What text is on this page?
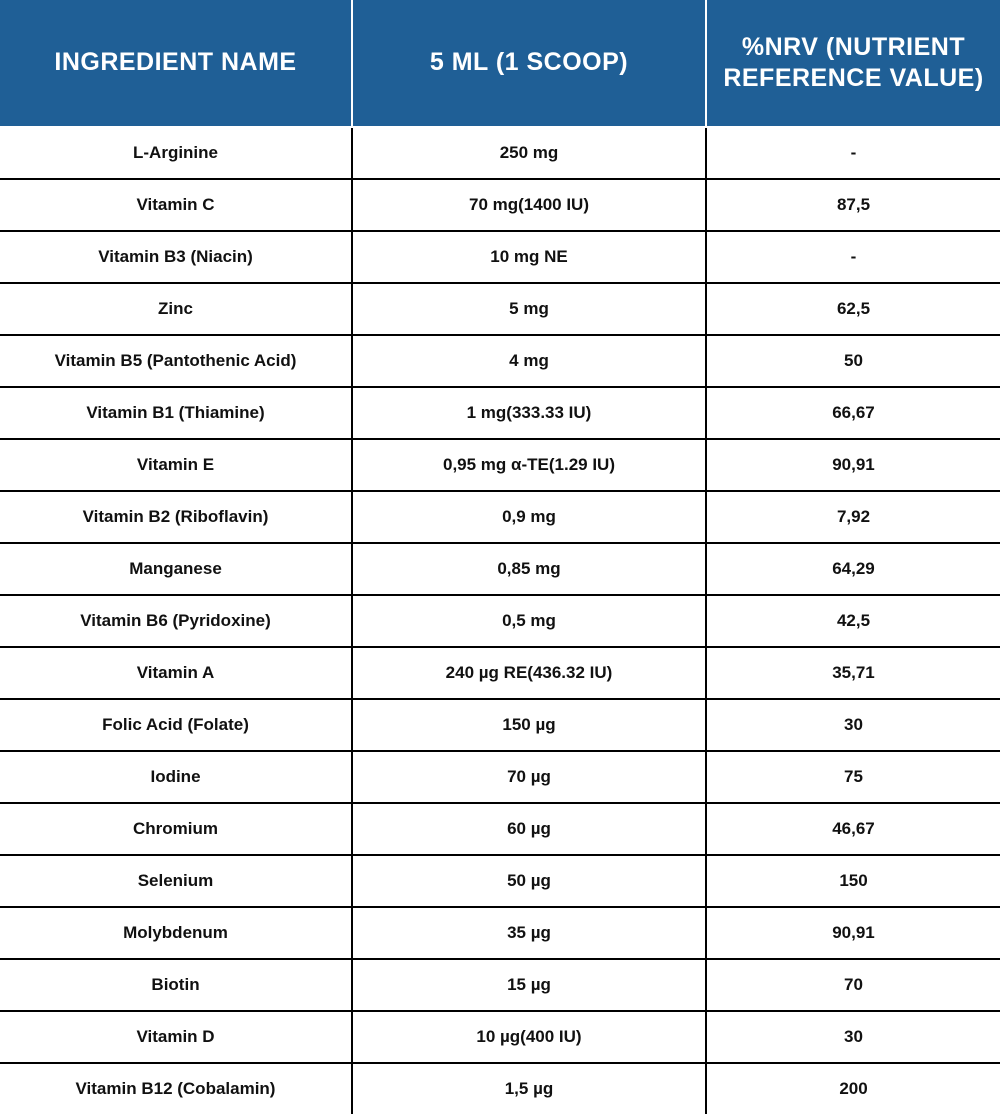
INGREDIENT NAME	5 ML (1 SCOOP)	%NRV (NUTRIENT REFERENCE VALUE)
L-Arginine	250 mg	-
Vitamin C	70 mg(1400 IU)	87,5
Vitamin B3 (Niacin)	10 mg NE	-
Zinc	5 mg	62,5
Vitamin B5 (Pantothenic Acid)	4 mg	50
Vitamin B1 (Thiamine)	1 mg(333.33 IU)	66,67
Vitamin E	0,95 mg α-TE(1.29 IU)	90,91
Vitamin B2 (Riboflavin)	0,9 mg	7,92
Manganese	0,85 mg	64,29
Vitamin B6 (Pyridoxine)	0,5 mg	42,5
Vitamin A	240 µg RE(436.32 IU)	35,71
Folic Acid (Folate)	150 µg	30
Iodine	70 µg	75
Chromium	60 µg	46,67
Selenium	50 µg	150
Molybdenum	35 µg	90,91
Biotin	15 µg	70
Vitamin D	10 µg(400 IU)	30
Vitamin B12 (Cobalamin)	1,5 µg	200
